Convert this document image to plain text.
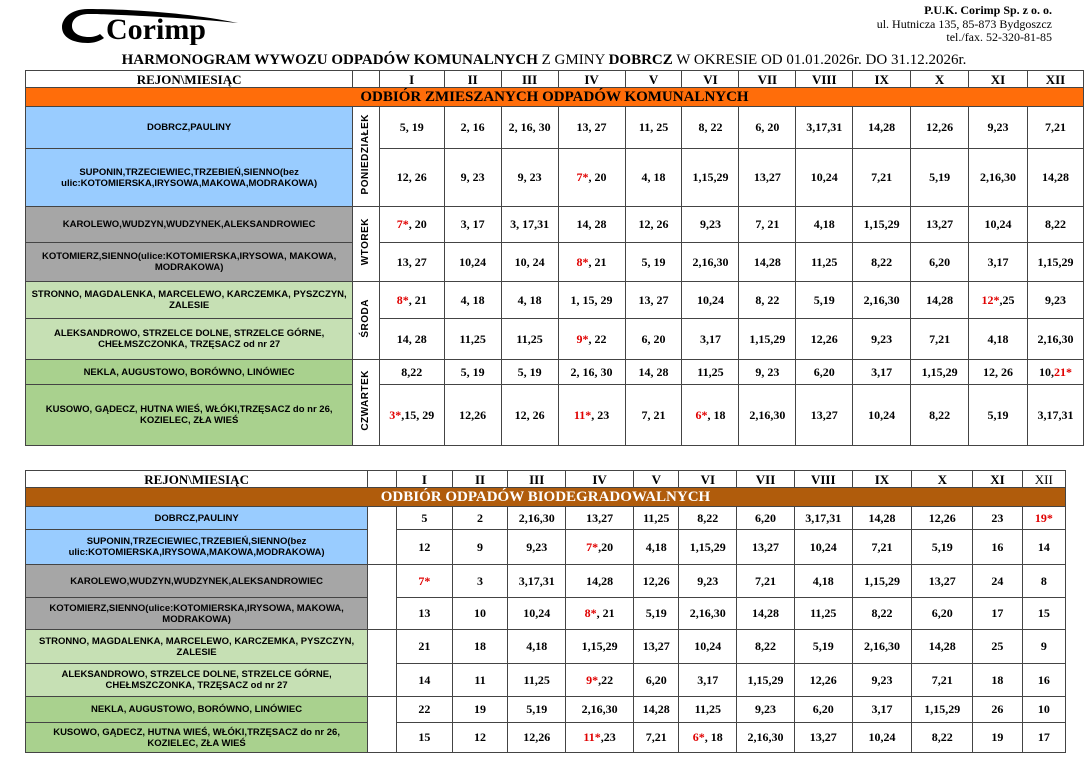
Corimp
P.U.K. Corimp Sp. z o. o.
ul. Hutnicza 135, 85-873 Bydgoszcz
tel./fax. 52-320-81-85
HARMONOGRAM WYWOZU ODPADÓW KOMUNALNYCH Z GMINY DOBRCZ W OKRESIE OD 01.01.2026r. DO 31.12.2026r.
REJON\MIESIĄC		I	II	III	IV	V	VI	VII	VIII	IX	X	XI	XII
ODBIÓR ZMIESZANYCH ODPADÓW KOMUNALNYCH													
DOBRCZ,PAULINY	PONIEDZIAŁEK	5, 19	2, 16	2, 16, 30	13, 27	11, 25	8, 22	6, 20	3,17,31	14,28	12,26	9,23	7,21
SUPONIN,TRZECIEWIEC,TRZEBIEŃ,SIENNO(bez ulic:KOTOMIERSKA,IRYSOWA,MAKOWA,MODRAKOWA)		12, 26	9, 23	9, 23	7*, 20	4, 18	1,15,29	13,27	10,24	7,21	5,19	2,16,30	14,28
KAROLEWO,WUDZYN,WUDZYNEK,ALEKSANDROWIEC	WTOREK	7*, 20	3, 17	3, 17,31	14, 28	12, 26	9,23	7, 21	4,18	1,15,29	13,27	10,24	8,22
KOTOMIERZ,SIENNO(ulice:KOTOMIERSKA,IRYSOWA, MAKOWA, MODRAKOWA)		13, 27	10,24	10, 24	8*, 21	5, 19	2,16,30	14,28	11,25	8,22	6,20	3,17	1,15,29
STRONNO, MAGDALENKA, MARCELEWO, KARCZEMKA, PYSZCZYN, ZALESIE	ŚRODA	8*, 21	4, 18	4, 18	1, 15, 29	13, 27	10,24	8, 22	5,19	2,16,30	14,28	12*,25	9,23
ALEKSANDROWO, STRZELCE DOLNE, STRZELCE GÓRNE, CHEŁMSZCZONKA, TRZĘSACZ od nr 27		14, 28	11,25	11,25	9*, 22	6, 20	3,17	1,15,29	12,26	9,23	7,21	4,18	2,16,30
NEKLA, AUGUSTOWO, BORÓWNO, LINÓWIEC	CZWARTEK	8,22	5, 19	5, 19	2, 16, 30	14, 28	11,25	9, 23	6,20	3,17	1,15,29	12, 26	10,21*
KUSOWO, GĄDECZ, HUTNA WIEŚ, WŁÓKI,TRZĘSACZ do nr 26, KOZIELEC, ZŁA WIEŚ		3*,15, 29	12,26	12, 26	11*, 23	7, 21	6*, 18	2,16,30	13,27	10,24	8,22	5,19	3,17,31
REJON\MIESIĄC		I	II	III	IV	V	VI	VII	VIII	IX	X	XI	XII
ODBIÓR ODPADÓW BIODEGRADOWALNYCH													
DOBRCZ,PAULINY		5	2	2,16,30	13,27	11,25	8,22	6,20	3,17,31	14,28	12,26	23	19*
SUPONIN,TRZECIEWIEC,TRZEBIEŃ,SIENNO(bez ulic:KOTOMIERSKA,IRYSOWA,MAKOWA,MODRAKOWA)		12	9	9,23	7*,20	4,18	1,15,29	13,27	10,24	7,21	5,19	16	14
KAROLEWO,WUDZYN,WUDZYNEK,ALEKSANDROWIEC		7*	3	3,17,31	14,28	12,26	9,23	7,21	4,18	1,15,29	13,27	24	8
KOTOMIERZ,SIENNO(ulice:KOTOMIERSKA,IRYSOWA, MAKOWA, MODRAKOWA)		13	10	10,24	8*, 21	5,19	2,16,30	14,28	11,25	8,22	6,20	17	15
STRONNO, MAGDALENKA, MARCELEWO, KARCZEMKA, PYSZCZYN, ZALESIE		21	18	4,18	1,15,29	13,27	10,24	8,22	5,19	2,16,30	14,28	25	9
ALEKSANDROWO, STRZELCE DOLNE, STRZELCE GÓRNE, CHEŁMSZCZONKA, TRZĘSACZ od nr 27		14	11	11,25	9*,22	6,20	3,17	1,15,29	12,26	9,23	7,21	18	16
NEKLA, AUGUSTOWO, BORÓWNO, LINÓWIEC		22	19	5,19	2,16,30	14,28	11,25	9,23	6,20	3,17	1,15,29	26	10
KUSOWO, GĄDECZ, HUTNA WIEŚ, WŁÓKI,TRZĘSACZ do nr 26, KOZIELEC, ZŁA WIEŚ		15	12	12,26	11*,23	7,21	6*, 18	2,16,30	13,27	10,24	8,22	19	17
